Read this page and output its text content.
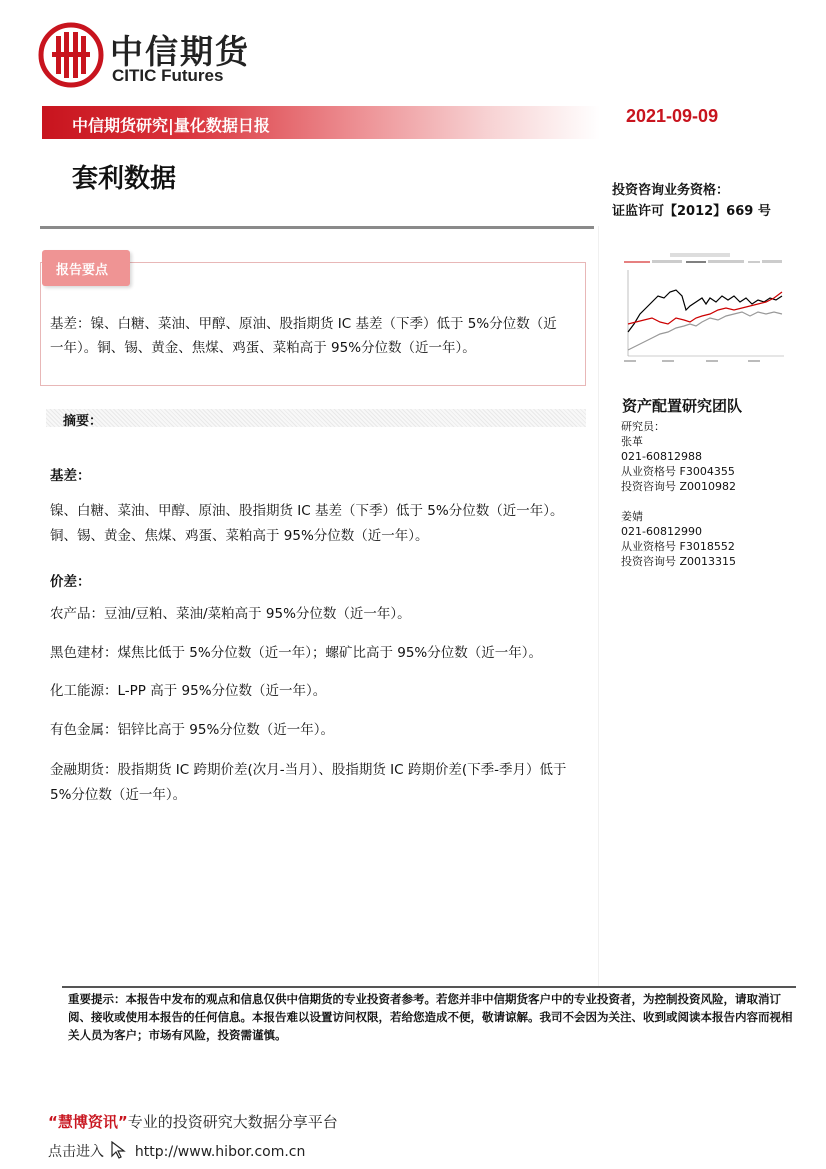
中信期货
CITIC Futures
中信期货研究|量化数据日报	2021-09-09
套利数据	投资咨询业务资格：
证监许可【2012】669 号
报告要点
基差：镍、白糖、菜油、甲醇、原油、股指期货 IC 基差（下季）低于 5%分位数（近一年）。铜、锡、黄金、焦煤、鸡蛋、菜粕高于 95%分位数（近一年）。
资产配置研究团队
研究员：
张革
021-60812988
从业资格号 F3004355
投资咨询号 Z0010982
姜婧
021-60812990
从业资格号 F3018552
投资咨询号 Z0013315
摘要：
基差：
镍、白糖、菜油、甲醇、原油、股指期货 IC 基差（下季）低于 5%分位数（近一年）。铜、锡、黄金、焦煤、鸡蛋、菜粕高于 95%分位数（近一年）。
价差：
农产品：豆油/豆粕、菜油/菜粕高于 95%分位数（近一年）。
黑色建材：煤焦比低于 5%分位数（近一年）；螺矿比高于 95%分位数（近一年）。
化工能源：L-PP 高于 95%分位数（近一年）。
有色金属：铝锌比高于 95%分位数（近一年）。
金融期货：股指期货 IC 跨期价差(次月-当月）、股指期货 IC 跨期价差(下季-季月）低于 5%分位数（近一年）。
重要提示：本报告中发布的观点和信息仅供中信期货的专业投资者参考。若您并非中信期货客户中的专业投资者，为控制投资风险，请取消订阅、接收或使用本报告的任何信息。本报告难以设置访问权限，若给您造成不便，敬请谅解。我司不会因为关注、收到或阅读本报告内容而视相关人员为客户；市场有风险，投资需谨慎。
“慧博资讯”专业的投资研究大数据分享平台
点击进入 http://www.hibor.com.cn
